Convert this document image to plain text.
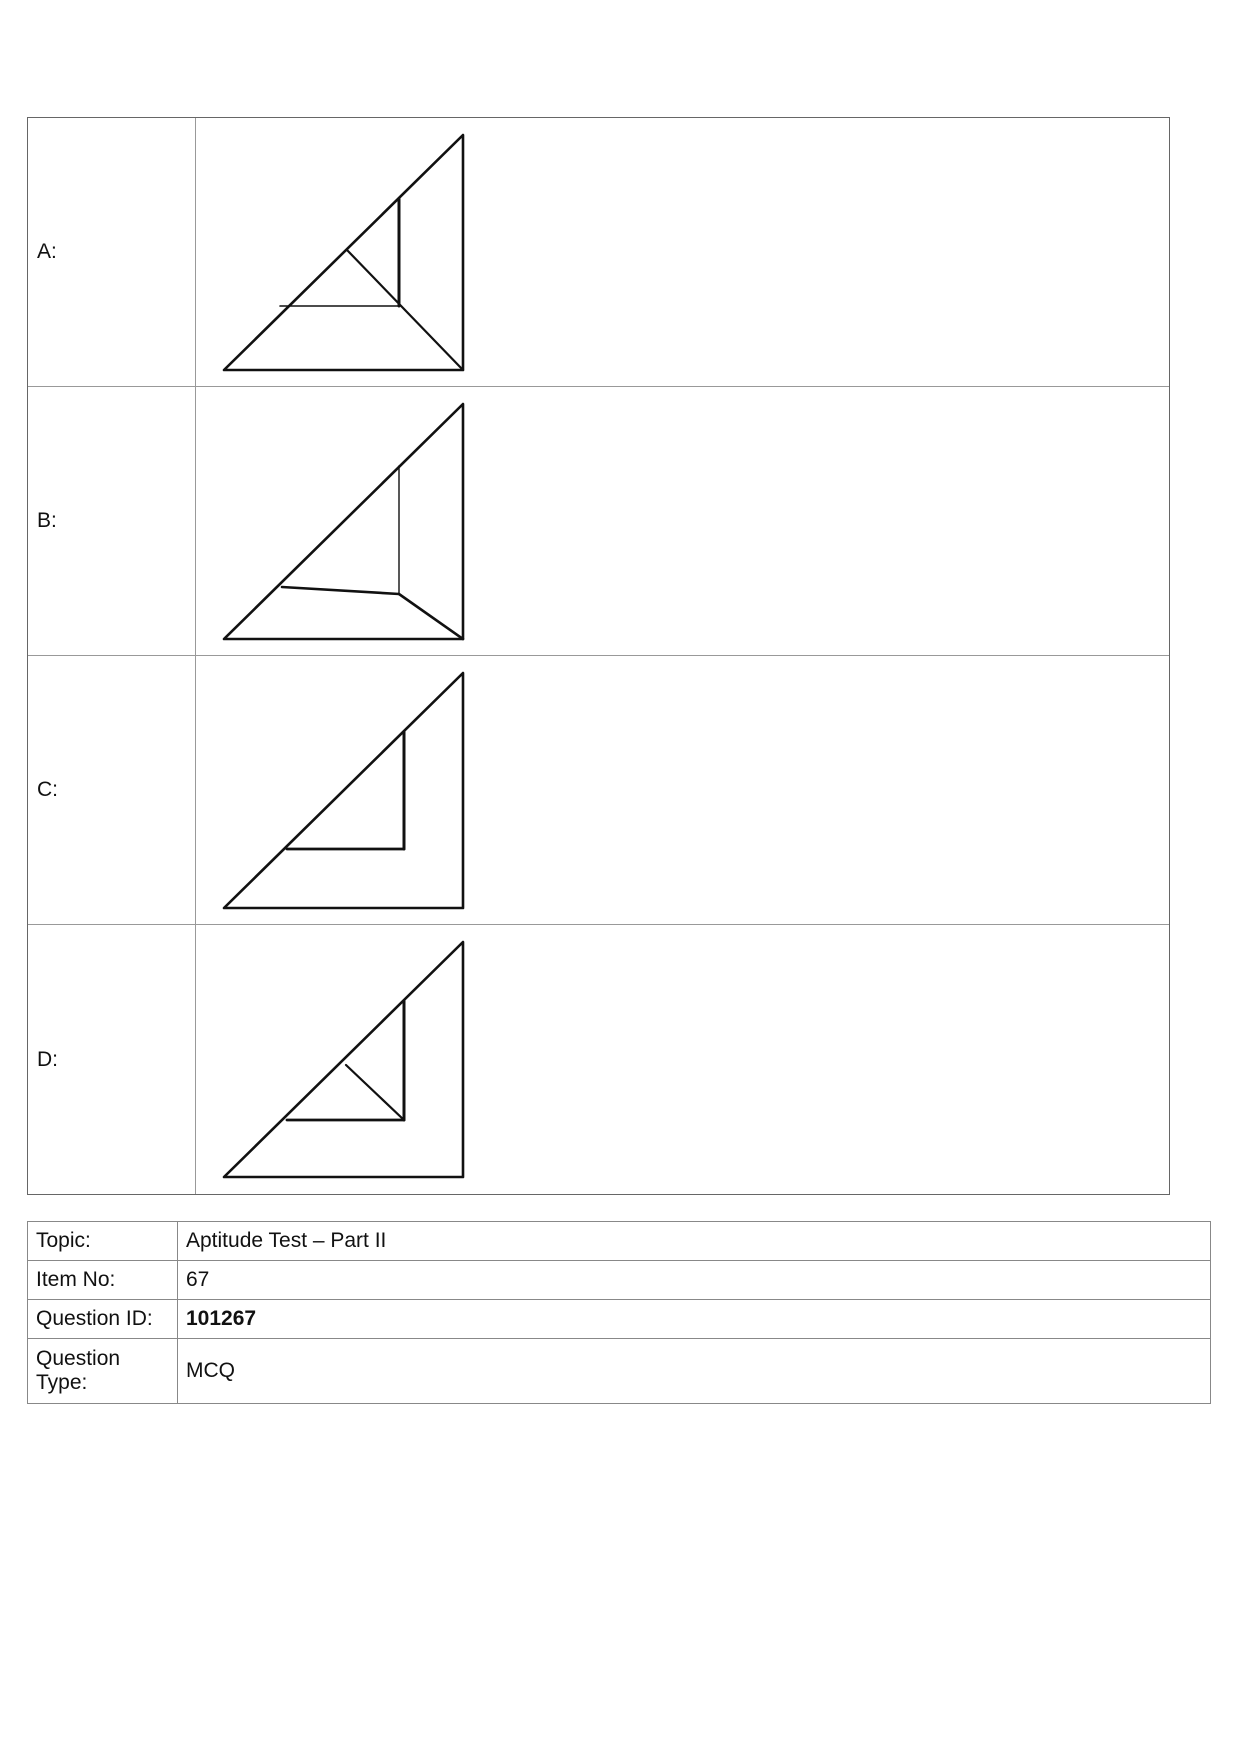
A:
B:
C:
D:
Topic:	Aptitude Test – Part II
Item No:	67
Question ID:	101267
Question Type:	MCQ
